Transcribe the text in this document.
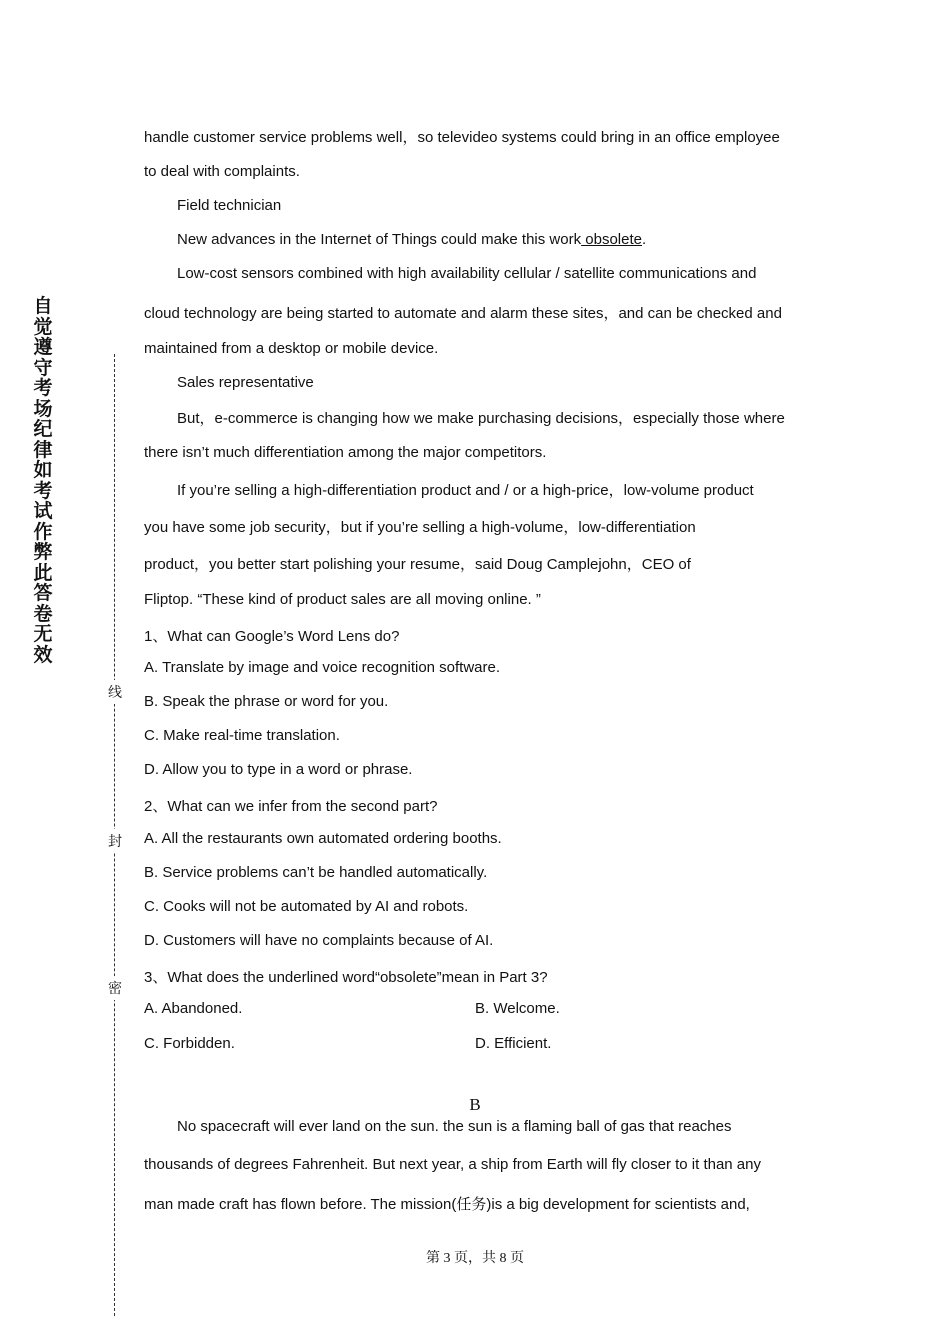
自觉遵守考场纪律如考试作弊此答卷无效
线
封
密
handle customer service problems well，so televideo systems could bring in an office employee
to deal with complaints.
Field technician
New advances in the Internet of Things could make this work obsolete.
Low-cost sensors combined with high availability cellular / satellite communications and
cloud technology are being started to automate and alarm these sites，and can be checked and
maintained from a desktop or mobile device.
Sales representative
But，e-commerce is changing how we make purchasing decisions，especially those where
there isn’t much differentiation among the major competitors.
If you’re selling a high-differentiation product and / or a high-price，low-volume product
you have some job security，but if you’re selling a high-volume，low-differentiation
product，you better start polishing your resume，said Doug Camplejohn，CEO of
Fliptop. “These kind of product sales are all moving online. ”
1、What can Google’s Word Lens do?
A. Translate by image and voice recognition software.
B. Speak the phrase or word for you.
C. Make real-time translation.
D. Allow you to type in a word or phrase.
2、What can we infer from the second part?
A. All the restaurants own automated ordering booths.
B. Service problems can’t be handled automatically.
C. Cooks will not be automated by AI and robots.
D. Customers will have no complaints because of AI.
3、What does the underlined word“obsolete”mean in Part 3?
A. Abandoned.	B. Welcome.
C. Forbidden.	D. Efficient.
B
No spacecraft will ever land on the sun. the sun is a flaming ball of gas that reaches
thousands of degrees Fahrenheit. But next year, a ship from Earth will fly closer to it than any
man made craft has flown before. The mission(任务)is a big development for scientists and,
第 3 页，共 8 页
